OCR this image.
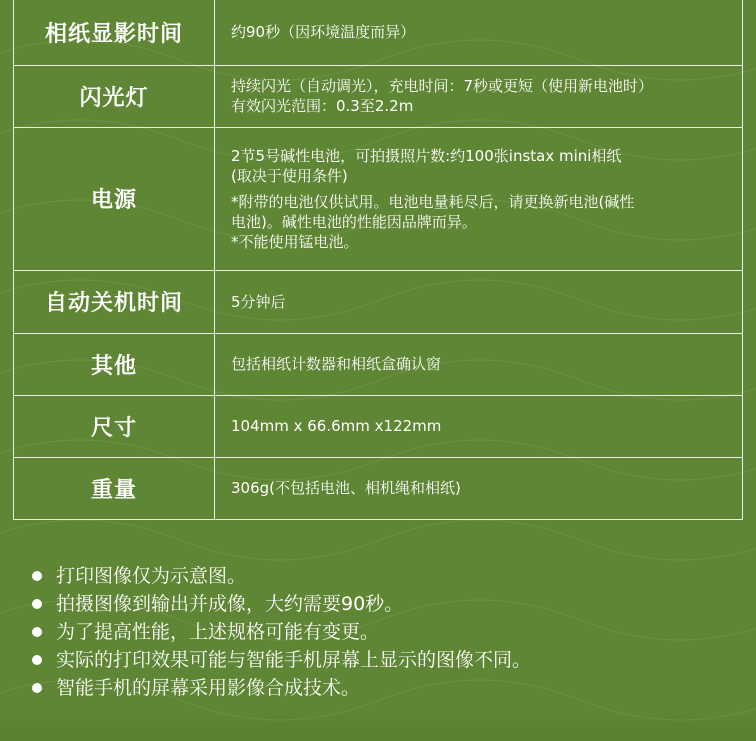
相纸显影时间	约90秒（因环境温度而异）

闪光灯	持续闪光（自动调光），充电时间：7秒或更短（使用新电池时）
有效闪光范围：0.3至2.2m

电源	2节5号碱性电池，可拍摄照片数:约100张instax mini相纸
(取决于使用条件)
*附带的电池仅供试用。电池电量耗尽后，请更换新电池(碱性
电池)。碱性电池的性能因品牌而异。
*不能使用锰电池。

自动关机时间	5分钟后

其他	包括相纸计数器和相纸盒确认窗

尺寸	104mm x 66.6mm x122mm

重量	306g(不包括电池、相机绳和相纸)
打印图像仅为示意图。
拍摄图像到输出并成像，大约需要90秒。
为了提高性能，上述规格可能有变更。
实际的打印效果可能与智能手机屏幕上显示的图像不同。
智能手机的屏幕采用影像合成技术。
